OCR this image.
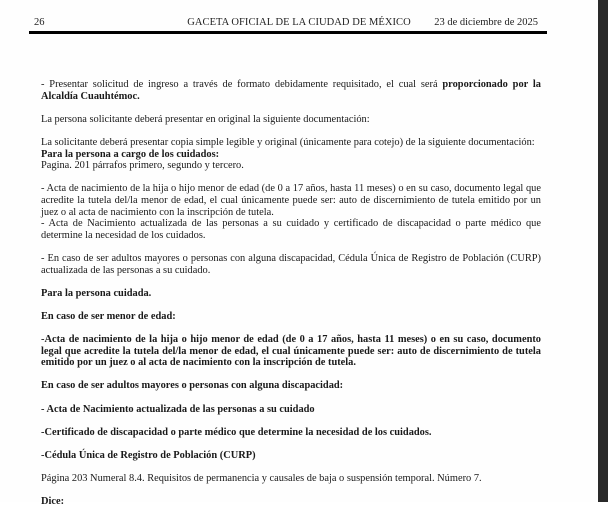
GACETA OFICIAL DE LA CIUDAD DE MÉXICO
26	23 de diciembre de 2025

- Presentar solicitud de ingreso a través de formato debidamente requisitado, el cual será proporcionado por la Alcaldía Cuauhtémoc.

La persona solicitante deberá presentar en original la siguiente documentación:

La solicitante deberá presentar copia simple legible y original (únicamente para cotejo) de la siguiente documentación:

Para la persona a cargo de los cuidados:

Pagina. 201 párrafos primero, segundo y tercero.

- Acta de nacimiento de la hija o hijo menor de edad (de 0 a 17 años, hasta 11 meses) o en su caso, documento legal que acredite la tutela del/la menor de edad, el cual únicamente puede ser: auto de discernimiento de tutela emitido por un juez o al acta de nacimiento con la inscripción de tutela.

- Acta de Nacimiento actualizada de las personas a su cuidado y certificado de discapacidad o parte médico que determine la necesidad de los cuidados.

- En caso de ser adultos mayores o personas con alguna discapacidad, Cédula Única de Registro de Población (CURP) actualizada de las personas a su cuidado.

Para la persona cuidada.

En caso de ser menor de edad:

-Acta de nacimiento de la hija o hijo menor de edad (de 0 a 17 años, hasta 11 meses) o en su caso, documento legal que acredite la tutela del/la menor de edad, el cual únicamente puede ser: auto de discernimiento de tutela emitido por un juez o al acta de nacimiento con la inscripción de tutela.

En caso de ser adultos mayores o personas con alguna discapacidad:

- Acta de Nacimiento actualizada de las personas a su cuidado

-Certificado de discapacidad o parte médico que determine la necesidad de los cuidados.

-Cédula Única de Registro de Población (CURP)

Página 203 Numeral 8.4. Requisitos de permanencia y causales de baja o suspensión temporal. Número 7.

Dice:
